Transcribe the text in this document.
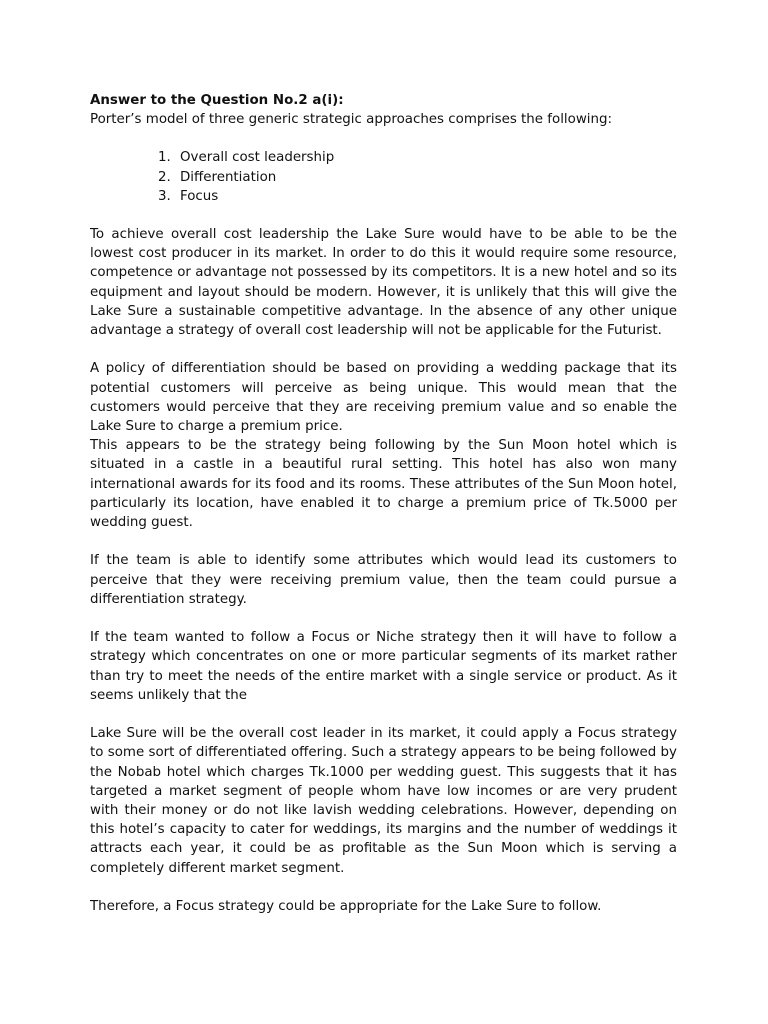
Answer to the Question No.2 a(i):

Porter’s model of three generic strategic approaches comprises the following:

1. Overall cost leadership
2. Differentiation
3. Focus

To achieve overall cost leadership the Lake Sure would have to be able to be the lowest cost producer in its market. In order to do this it would require some resource, competence or advantage not possessed by its competitors. It is a new hotel and so its equipment and layout should be modern. However, it is unlikely that this will give the Lake Sure a sustainable competitive advantage. In the absence of any other unique advantage a strategy of overall cost leadership will not be applicable for the Futurist.

A policy of differentiation should be based on providing a wedding package that its potential customers will perceive as being unique. This would mean that the customers would perceive that they are receiving premium value and so enable the Lake Sure to charge a premium price.

This appears to be the strategy being following by the Sun Moon hotel which is situated in a castle in a beautiful rural setting. This hotel has also won many international awards for its food and its rooms. These attributes of the Sun Moon hotel, particularly its location, have enabled it to charge a premium price of Tk.5000 per wedding guest.

If the team is able to identify some attributes which would lead its customers to perceive that they were receiving premium value, then the team could pursue a differentiation strategy.

If the team wanted to follow a Focus or Niche strategy then it will have to follow a strategy which concentrates on one or more particular segments of its market rather than try to meet the needs of the entire market with a single service or product. As it seems unlikely that the

Lake Sure will be the overall cost leader in its market, it could apply a Focus strategy to some sort of differentiated offering. Such a strategy appears to be being followed by the Nobab hotel which charges Tk.1000 per wedding guest. This suggests that it has targeted a market segment of people whom have low incomes or are very prudent with their money or do not like lavish wedding celebrations. However, depending on this hotel’s capacity to cater for weddings, its margins and the number of weddings it attracts each year, it could be as profitable as the Sun Moon which is serving a completely different market segment.

Therefore, a Focus strategy could be appropriate for the Lake Sure to follow.
